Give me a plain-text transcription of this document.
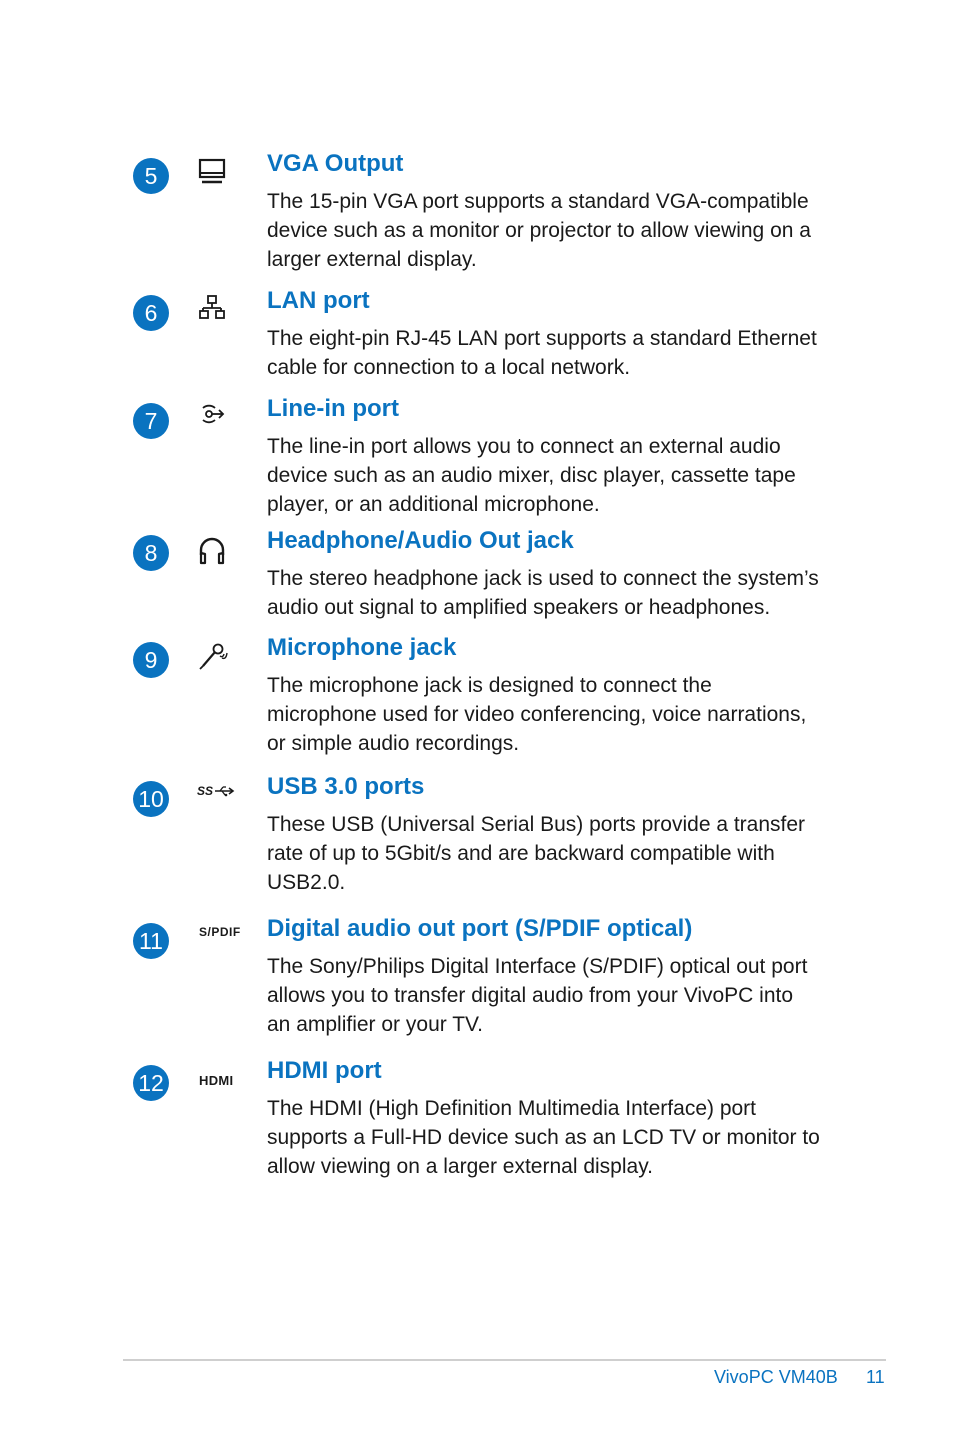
5	VGA Output
The 15-pin VGA port supports a standard VGA-compatible
device such as a monitor or projector to allow viewing on a
larger external display.
6	LAN port
The eight-pin RJ-45 LAN port supports a standard Ethernet
cable for connection to a local network.
7	Line-in port
The line-in port allows you to connect an external audio
device such as an audio mixer, disc player, cassette tape
player, or an additional microphone.
8	Headphone/Audio Out jack
The stereo headphone jack is used to connect the system’s
audio out signal to amplified speakers or headphones.
9	Microphone jack
The microphone jack is designed to connect the
microphone used for video conferencing, voice narrations,
or simple audio recordings.
10	SS USB 3.0 ports
These USB (Universal Serial Bus) ports provide a transfer
rate of up to 5Gbit/s and are backward compatible with
USB2.0.
11	S/PDIF Digital audio out port (S/PDIF optical)
The Sony/Philips Digital Interface (S/PDIF) optical out port
allows you to transfer digital audio from your VivoPC into
an amplifier or your TV.
12	HDMI HDMI port
The HDMI (High Definition Multimedia Interface) port
supports a Full-HD device such as an LCD TV or monitor to
allow viewing on a larger external display.
VivoPC VM40B 11
